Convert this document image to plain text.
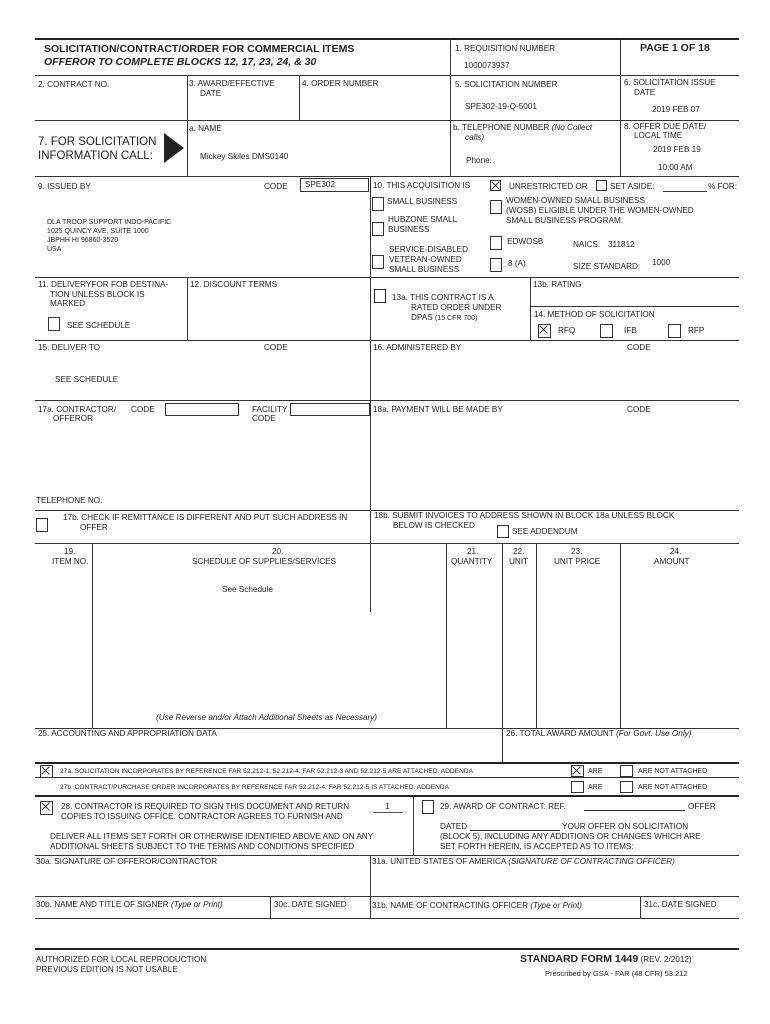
SOLICITATION/CONTRACT/ORDER FOR COMMERCIAL ITEMS
OFFEROR TO COMPLETE BLOCKS 12, 17, 23, 24, & 30
1. REQUISITION NUMBER
1000073937
PAGE 1 OF 18
2. CONTRACT NO.	3. AWARD/EFFECTIVE
DATE
4. ORDER NUMBER	5. SOLICITATION NUMBER
SPE302-19-Q-5001
6. SOLICITATION ISSUE
DATE
2019 FEB 07
7. FOR SOLICITATION
INFORMATION CALL:
a. NAME
Mickey Skiles DMS0140
b. TELEPHONE NUMBER (No Collect
calls)
Phone:
8. OFFER DUE DATE/
LOCAL TIME
2019 FEB 19
10:00 AM
9. ISSUED BY	CODE SPE302
DLA TROOP SUPPORT INDO-PACIFIC
1025 QUINCY AVE, SUITE 1000
JBPHH HI 96860-3520
USA
10. THIS ACQUISITION IS	UNRESTRICTED OR	SET ASIDE:	% FOR:
SMALL BUSINESS
HUBZONE SMALL
BUSINESS
SERVICE-DISABLED
VETERAN-OWNED
SMALL BUSINESS
WOMEN-OWNED SMALL BUSINESS
(WOSB) ELIGIBLE UNDER THE WOMEN-OWNED
SMALL BUSINESS PROGRAM
EDWOSB
8 (A)
NAICS: 311812
SIZE STANDARD: 1000
11. DELIVERYFOR FOB DESTINA-
TION UNLESS BLOCK IS
MARKED
SEE SCHEDULE
12. DISCOUNT TERMS
13a. THIS CONTRACT IS A
RATED ORDER UNDER
DPAS (15 CFR 700)
13b. RATING
14. METHOD OF SOLICITATION
RFQ	IFB	RFP
15. DELIVER TO	CODE
SEE SCHEDULE
16. ADMINISTERED BY	CODE
17a. CONTRACTOR/
OFFEROR
CODE	FACILITY
CODE
18a. PAYMENT WILL BE MADE BY	CODE
TELEPHONE NO.
17b. CHECK IF REMITTANCE IS DIFFERENT AND PUT SUCH ADDRESS IN
OFFER
18b. SUBMIT INVOICES TO ADDRESS SHOWN IN BLOCK 18a UNLESS BLOCK
BELOW IS CHECKED
SEE ADDENDUM
19.
ITEM NO.
20.
SCHEDULE OF SUPPLIES/SERVICES
21.
QUANTITY
22.
UNIT
23.
UNIT PRICE
24.
AMOUNT
See Schedule
(Use Reverse and/or Attach Additional Sheets as Necessary)
25. ACCOUNTING AND APPROPRIATION DATA	26. TOTAL AWARD AMOUNT (For Govt. Use Only)
27a. SOLICITATION INCORPORATES BY REFERENCE FAR 52.212-1, 52.212-4. FAR 52.212-3 AND 52.212-5 ARE ATTACHED. ADDENDA	ARE	ARE NOT ATTACHED
27b. CONTRACT/PURCHASE ORDER INCORPORATES BY REFERENCE FAR 52.212-4. FAR 52.212-5 IS ATTACHED. ADDENDA	ARE	ARE NOT ATTACHED
28. CONTRACTOR IS REQUIRED TO SIGN THIS DOCUMENT AND RETURN	1
COPIES TO ISSUING OFFICE. CONTRACTOR AGREES TO FURNISH AND
DELIVER ALL ITEMS SET FORTH OR OTHERWISE IDENTIFIED ABOVE AND ON ANY
ADDITIONAL SHEETS SUBJECT TO THE TERMS AND CONDITIONS SPECIFIED
29. AWARD OF CONTRACT: REF.	OFFER
DATED	YOUR OFFER ON SOLICITATION
(BLOCK 5), INCLUDING ANY ADDITIONS OR CHANGES WHICH ARE
SET FORTH HEREIN, IS ACCEPTED AS TO ITEMS:
30a. SIGNATURE OF OFFEROR/CONTRACTOR	31a. UNITED STATES OF AMERICA (SIGNATURE OF CONTRACTING OFFICER)
30b. NAME AND TITLE OF SIGNER (Type or Print)	30c. DATE SIGNED	31b. NAME OF CONTRACTING OFFICER (Type or Print)	31c. DATE SIGNED
AUTHORIZED FOR LOCAL REPRODUCTION
PREVIOUS EDITION IS NOT USABLE
STANDARD FORM 1449 (REV. 2/2012)
Prescribed by GSA - FAR (48 CFR) 53.212
